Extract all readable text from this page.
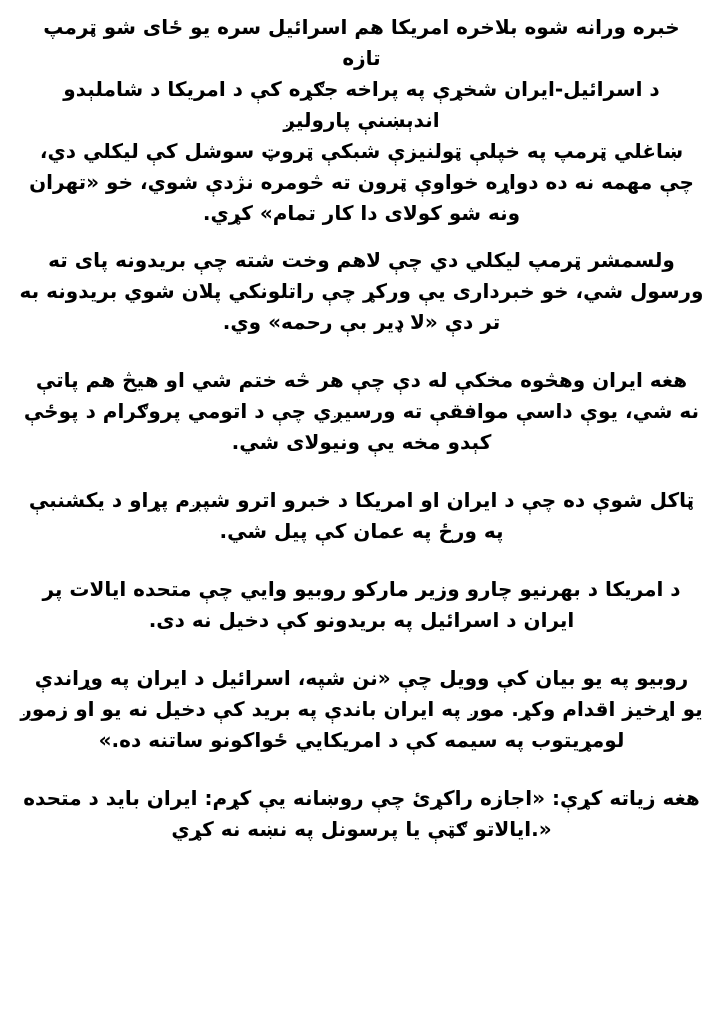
خبره ورانه شوه بلاخره امريکا هم اسرائيل سره يو ځای شو ټرمپ
تازه
د اسرائيل-ایران شخړې په پراخه جګړه کې د امريکا د شاملېدو
اندېښنې پاروليږ
ښاغلي ټرمپ په خپلې ټولنيزې شبکې ټروټ سوشل کې ليکلي دي،
چې مهمه نه ده دواړه خواوې ټرون ته څومره نژدې شوي، خو «تهران
ونه شو کولای دا کار تمام» کړي.

ولسمشر ټرمپ ليکلي دي چې لاهم وخت شته چې بريدونه پای ته
ورسول شي، خو خبرداری يې ورکړ چې راتلونکي پلان شوي بريدونه به
تر دې «لا ډير بې رحمه» وي.

هغه ايران وهڅوه مخکې له دې چې هر څه ختم شي او هيڅ هم پاتې
نه شي، يوې داسې موافقې ته ورسيږي چې د اتومي پروګرام د پوځې
کېدو مخه يې ونيولای شي.

ټاکل شوې ده چې د ايران او امريکا د خبرو اترو شپږم پړاو د يکشنبې
په ورځ په عمان کې پيل شي.

د امريکا د بهرنيو چارو وزير مارکو روبيو وايي چې متحده ايالات پر
ايران د اسرائيل په بريدونو کې دخيل نه دی.

روبيو په يو بيان کې وويل چې «نن شپه، اسرائيل د ايران په وړاندې
يو اړخيز اقدام وکړ. موږ په ايران باندې په برید کې دخيل نه يو او زموږ
لومړيتوب په سيمه کې د امريکايي ځواکونو ساتنه ده.»

هغه زياته کړې: «اجازه راکړئ چې روښانه يې کړم: ايران بايد د متحده
«.ایالاتو ګټې یا پرسونل په نښه نه کړي
